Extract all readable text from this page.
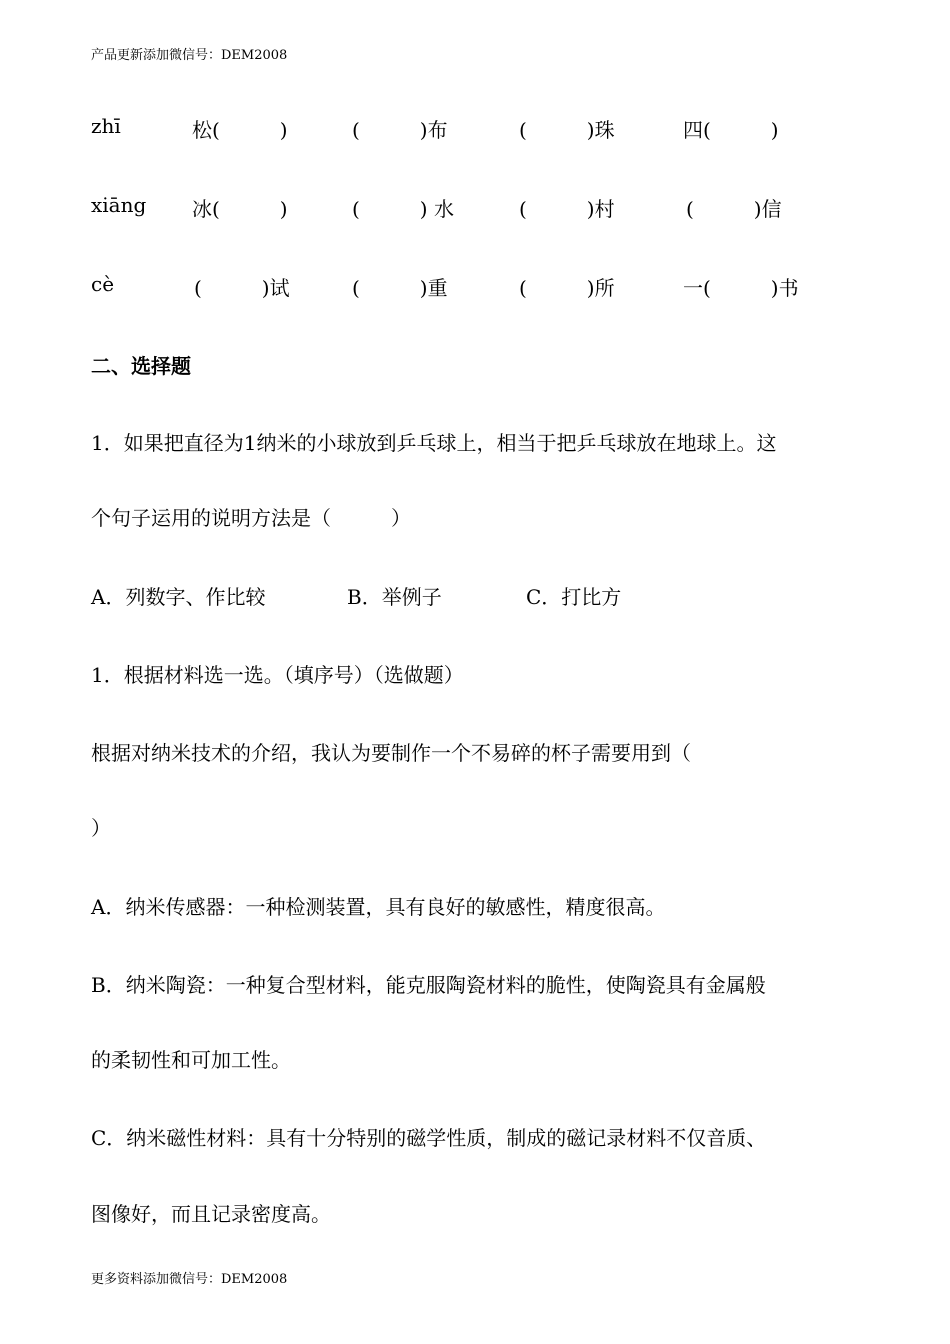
产品更新添加微信号：DEM2008
zhī	松(　　　)	(　　　)布	(　　　)珠	四(　　　)
xiāng 冰(　　　)	(　　　) 水	(　　　)村	(　　　)信
cè	(　　　)试	(　　　)重	(　　　)所	一(　　　)书
二、选择题
1．如果把直径为1纳米的小球放到乒乓球上，相当于把乒乓球放在地球上。这
个句子运用的说明方法是（　　　）
A．列数字、作比较	B．举例子	C．打比方
1．根据材料选一选。（填序号）（选做题）
根据对纳米技术的介绍，我认为要制作一个不易碎的杯子需要用到（
）
A．纳米传感器：一种检测装置，具有良好的敏感性，精度很高。
B．纳米陶瓷：一种复合型材料，能克服陶瓷材料的脆性，使陶瓷具有金属般
的柔韧性和可加工性。
C．纳米磁性材料：具有十分特别的磁学性质，制成的磁记录材料不仅音质、
图像好，而且记录密度高。
更多资料添加微信号：DEM2008
